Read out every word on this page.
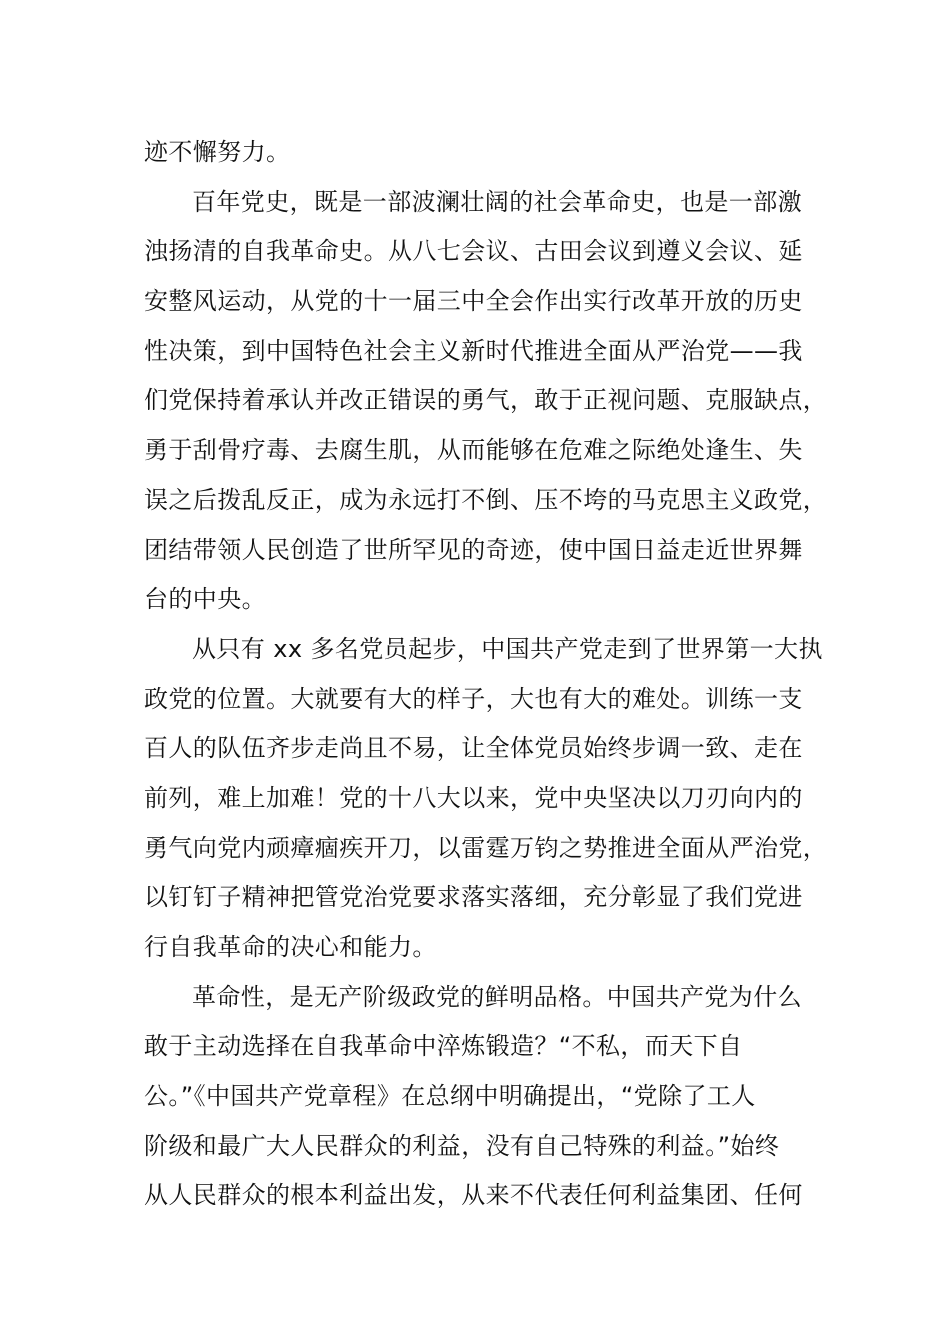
迹不懈努力。
百年党史，既是一部波澜壮阔的社会革命史，也是一部激
浊扬清的自我革命史。从八七会议、古田会议到遵义会议、延
安整风运动，从党的十一届三中全会作出实行改革开放的历史
性决策，到中国特色社会主义新时代推进全面从严治党——我
们党保持着承认并改正错误的勇气，敢于正视问题、克服缺点，
勇于刮骨疗毒、去腐生肌，从而能够在危难之际绝处逢生、失
误之后拨乱反正，成为永远打不倒、压不垮的马克思主义政党，
团结带领人民创造了世所罕见的奇迹，使中国日益走近世界舞
台的中央。
从只有 xx 多名党员起步，中国共产党走到了世界第一大执
政党的位置。大就要有大的样子，大也有大的难处。训练一支
百人的队伍齐步走尚且不易，让全体党员始终步调一致、走在
前列，难上加难！党的十八大以来，党中央坚决以刀刃向内的
勇气向党内顽瘴痼疾开刀，以雷霆万钧之势推进全面从严治党，
以钉钉子精神把管党治党要求落实落细，充分彰显了我们党进
行自我革命的决心和能力。
革命性，是无产阶级政党的鲜明品格。中国共产党为什么
敢于主动选择在自我革命中淬炼锻造？“不私，而天下自
公。”《中国共产党章程》在总纲中明确提出，“党除了工人
阶级和最广大人民群众的利益，没有自己特殊的利益。”始终
从人民群众的根本利益出发，从来不代表任何利益集团、任何
